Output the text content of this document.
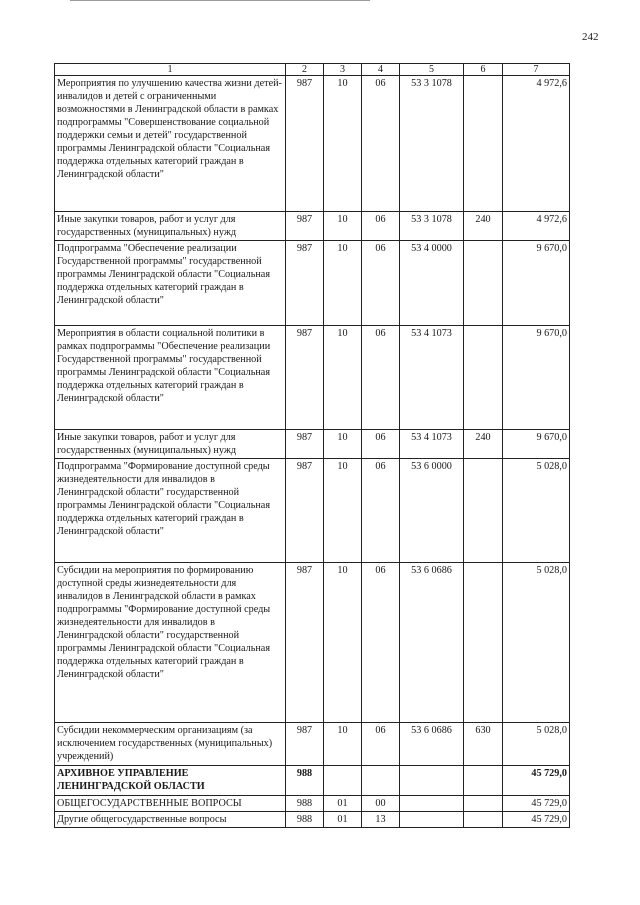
242
1	2	3	4	5	6	7
Мероприятия по улучшению качества жизни детей-инвалидов и детей с ограниченными возможностями в Ленинградской области в рамках подпрограммы "Совершенствование социальной поддержки семьи и детей" государственной программы Ленинградской области "Социальная поддержка отдельных категорий граждан в Ленинградской области"	987	10	06	53 3 1078		4 972,6
Иные закупки товаров, работ и услуг для государственных (муниципальных) нужд	987	10	06	53 3 1078	240	4 972,6
Подпрограмма "Обеспечение реализации Государственной программы" государственной программы Ленинградской области "Социальная поддержка отдельных категорий граждан в Ленинградской области"	987	10	06	53 4 0000		9 670,0
Мероприятия в области социальной политики в рамках подпрограммы "Обеспечение реализации Государственной программы" государственной программы Ленинградской области "Социальная поддержка отдельных категорий граждан в Ленинградской области"	987	10	06	53 4 1073		9 670,0
Иные закупки товаров, работ и услуг для государственных (муниципальных) нужд	987	10	06	53 4 1073	240	9 670,0
Подпрограмма "Формирование доступной среды жизнедеятельности для инвалидов в Ленинградской области" государственной программы Ленинградской области "Социальная поддержка отдельных категорий граждан в Ленинградской области"	987	10	06	53 6 0000		5 028,0
Субсидии на мероприятия по формированию доступной среды жизнедеятельности для инвалидов в Ленинградской области в рамках подпрограммы "Формирование доступной среды жизнедеятельности для инвалидов в Ленинградской области" государственной программы Ленинградской области "Социальная поддержка отдельных категорий граждан в Ленинградской области"	987	10	06	53 6 0686		5 028,0
Субсидии некоммерческим организациям (за исключением государственных (муниципальных) учреждений)	987	10	06	53 6 0686	630	5 028,0
АРХИВНОЕ УПРАВЛЕНИЕ ЛЕНИНГРАДСКОЙ ОБЛАСТИ	988					45 729,0
ОБЩЕГОСУДАРСТВЕННЫЕ ВОПРОСЫ	988	01	00			45 729,0
Другие общегосударственные вопросы	988	01	13			45 729,0
